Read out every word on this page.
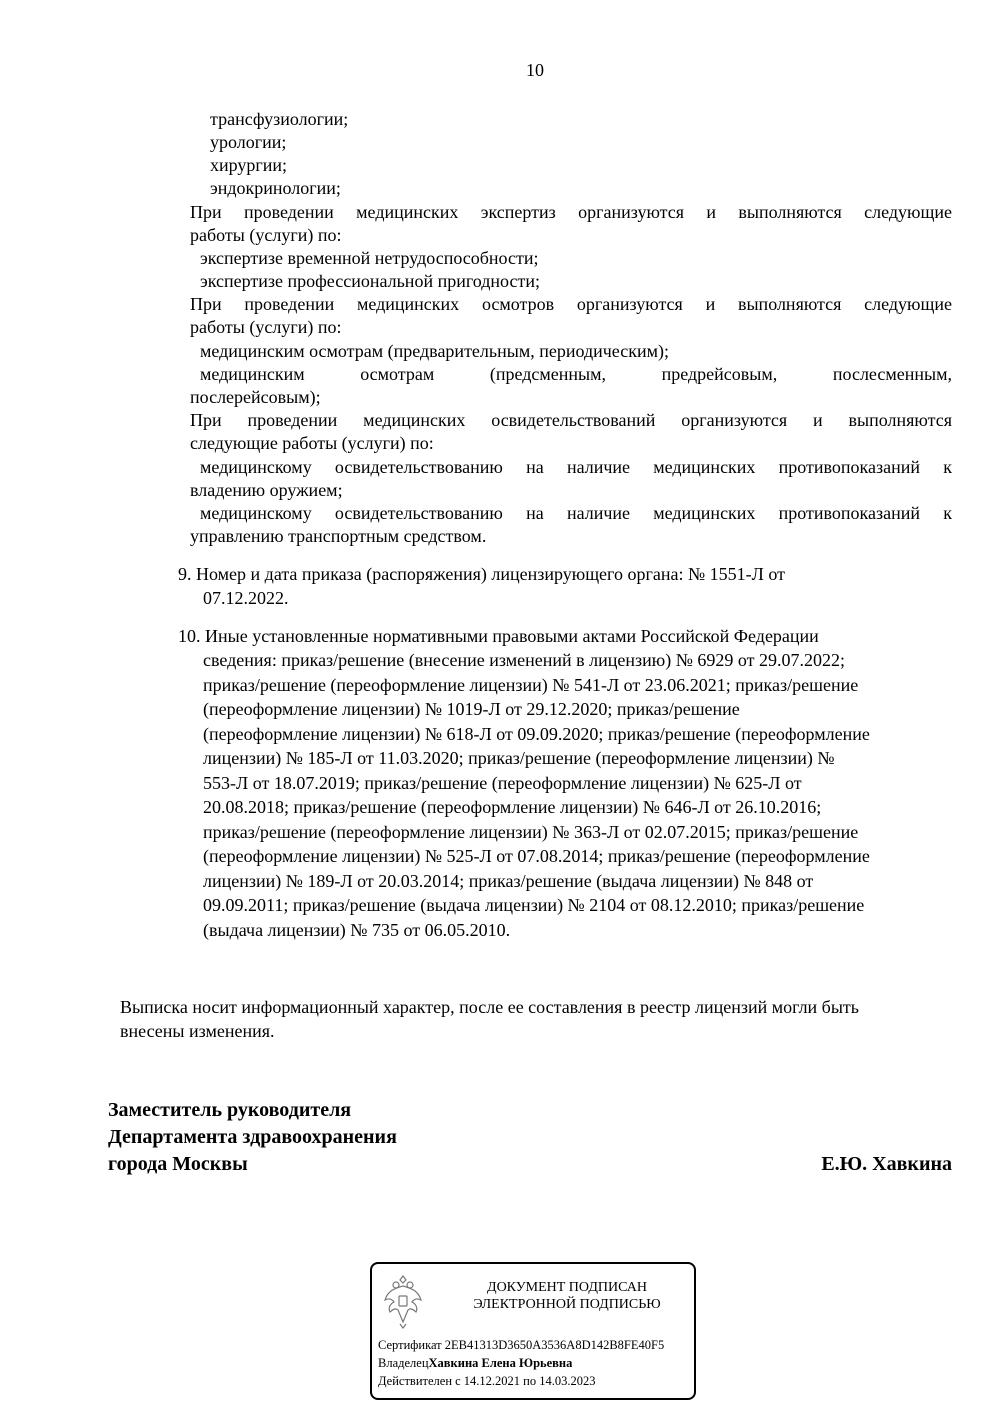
10
трансфузиологии;
урологии;
хирургии;
эндокринологии;
При проведении медицинских экспертиз организуются и выполняются следующие
работы (услуги) по:
экспертизе временной нетрудоспособности;
экспертизе профессиональной пригодности;
При проведении медицинских осмотров организуются и выполняются следующие
работы (услуги) по:
медицинским осмотрам (предварительным, периодическим);
медицинским осмотрам (предсменным, предрейсовым, послесменным,
послерейсовым);
При проведении медицинских освидетельствований организуются и выполняются
следующие работы (услуги) по:
медицинскому освидетельствованию на наличие медицинских противопоказаний к
владению оружием;
медицинскому освидетельствованию на наличие медицинских противопоказаний к
управлению транспортным средством.
9. Номер и дата приказа (распоряжения) лицензирующего органа: № 1551-Л от
07.12.2022.
10. Иные установленные нормативными правовыми актами Российской Федерации
сведения: приказ/решение (внесение изменений в лицензию) № 6929 от 29.07.2022;
приказ/решение (переоформление лицензии) № 541-Л от 23.06.2021; приказ/решение
(переоформление лицензии) № 1019-Л от 29.12.2020; приказ/решение
(переоформление лицензии) № 618-Л от 09.09.2020; приказ/решение (переоформление
лицензии) № 185-Л от 11.03.2020; приказ/решение (переоформление лицензии) №
553-Л от 18.07.2019; приказ/решение (переоформление лицензии) № 625-Л от
20.08.2018; приказ/решение (переоформление лицензии) № 646-Л от 26.10.2016;
приказ/решение (переоформление лицензии) № 363-Л от 02.07.2015; приказ/решение
(переоформление лицензии) № 525-Л от 07.08.2014; приказ/решение (переоформление
лицензии) № 189-Л от 20.03.2014; приказ/решение (выдача лицензии) № 848 от
09.09.2011; приказ/решение (выдача лицензии) № 2104 от 08.12.2010; приказ/решение
(выдача лицензии) № 735 от 06.05.2010.
Выписка носит информационный характер, после ее составления в реестр лицензий могли быть
внесены изменения.
Заместитель руководителя
Департамента здравоохранения
города Москвы	Е.Ю. Хавкина
ДОКУМЕНТ ПОДПИСАН
ЭЛЕКТРОННОЙ ПОДПИСЬЮ
Сертификат 2EB41313D3650A3536A8D142B8FE40F5
ВладелецХавкина Елена Юрьевна
Действителен с 14.12.2021 по 14.03.2023
